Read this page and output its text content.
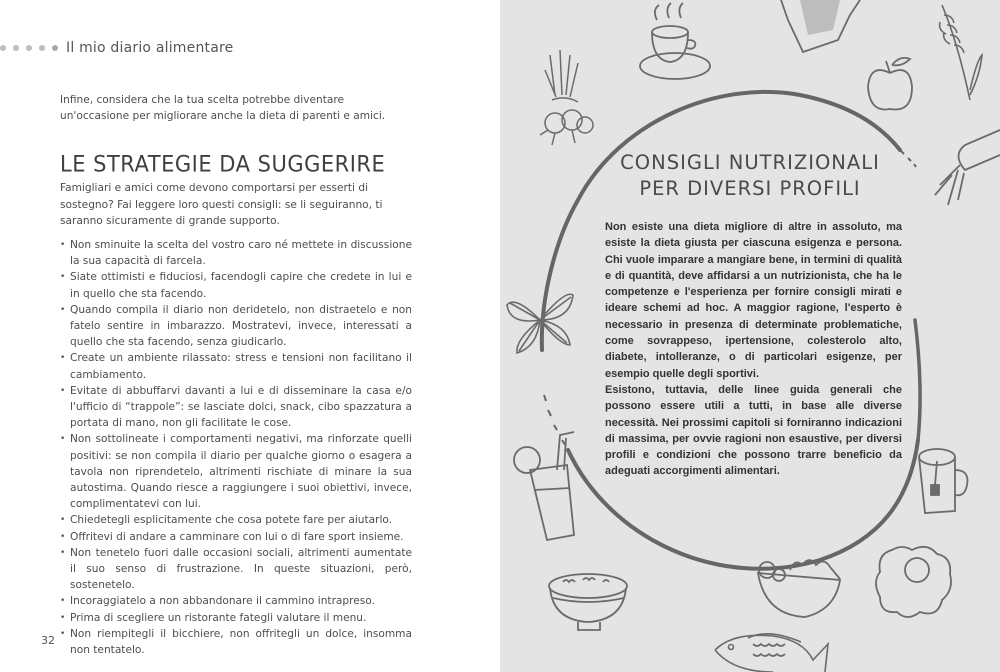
Il mio diario alimentare

Infine, considera che la tua scelta potrebbe diventare un'occasione per migliorare anche la dieta di parenti e amici.

LE STRATEGIE DA SUGGERIRE

Famigliari e amici come devono comportarsi per esserti di sostegno? Fai leggere loro questi consigli: se li seguiranno, ti saranno sicuramente di grande supporto.

• Non sminuite la scelta del vostro caro né mettete in discussione la sua capacità di farcela.
• Siate ottimisti e fiduciosi, facendogli capire che credete in lui e in quello che sta facendo.
• Quando compila il diario non deridetelo, non distraetelo e non fatelo sentire in imbarazzo. Mostratevi, invece, interessati a quello che sta facendo, senza giudicarlo.
• Create un ambiente rilassato: stress e tensioni non facilitano il cambiamento.
• Evitate di abbuffarvi davanti a lui e di disseminare la casa e/o l'ufficio di “trappole”: se lasciate dolci, snack, cibo spazzatura a portata di mano, non gli facilitate le cose.
• Non sottolineate i comportamenti negativi, ma rinforzate quelli positivi: se non compila il diario per qualche giorno o esagera a tavola non riprendetelo, altrimenti rischiate di minare la sua autostima. Quando riesce a raggiungere i suoi obiettivi, invece, complimentatevi con lui.
• Chiedetegli esplicitamente che cosa potete fare per aiutarlo.
• Offritevi di andare a camminare con lui o di fare sport insieme.
• Non tenetelo fuori dalle occasioni sociali, altrimenti aumentate il suo senso di frustrazione. In queste situazioni, però, sostenetelo.
• Incoraggiatelo a non abbandonare il cammino intrapreso.
• Prima di scegliere un ristorante fategli valutare il menu.
• Non riempitegli il bicchiere, non offritegli un dolce, insomma non tentatelo.
32
CONSIGLI NUTRIZIONALI
PER DIVERSI PROFILI

Non esiste una dieta migliore di altre in assoluto, ma esiste la dieta giusta per ciascuna esigenza e persona. Chi vuole imparare a mangiare bene, in termini di qualità e di quantità, deve affidarsi a un nutrizionista, che ha le competenze e l'esperienza per fornire consigli mirati e ideare schemi ad hoc. A maggior ragione, l'esperto è necessario in presenza di determinate problematiche, come sovrappeso, ipertensione, colesterolo alto, diabete, intolleranze, o di particolari esigenze, per esempio quelle degli sportivi.

Esistono, tuttavia, delle linee guida generali che possono essere utili a tutti, in base alle diverse necessità. Nei prossimi capitoli si forniranno indicazioni di massima, per ovvie ragioni non esaustive, per diversi profili e condizioni che possono trarre beneficio da adeguati accorgimenti alimentari.
